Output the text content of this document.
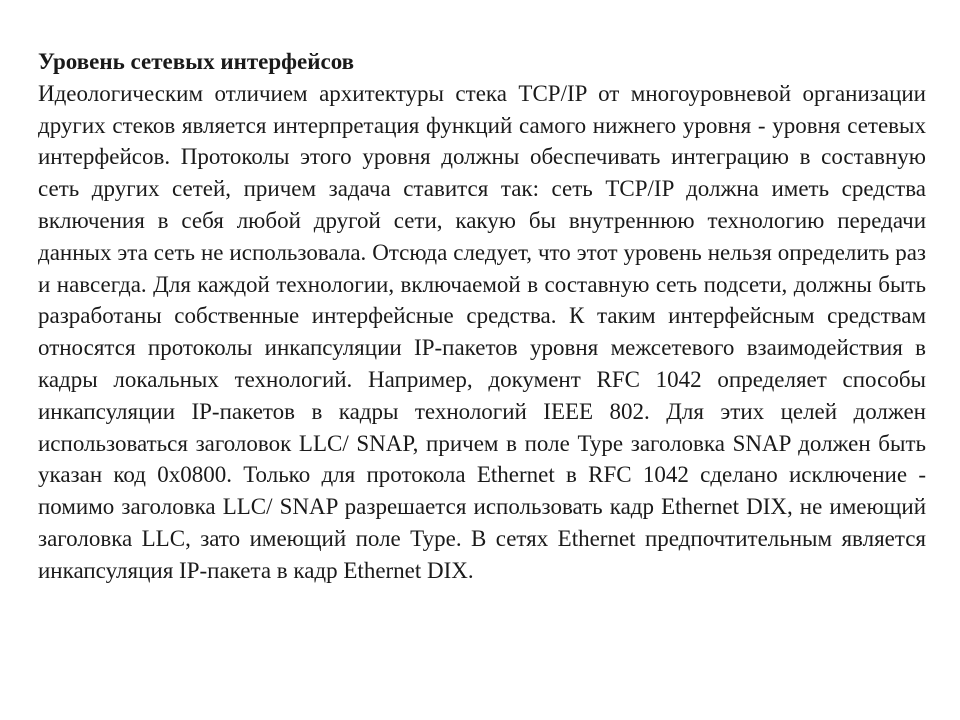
Уровень сетевых интерфейсов

Идеологическим отличием архитектуры стека TCP/IP от многоуровневой организации других стеков является интерпретация функций самого нижнего уровня - уровня сетевых интерфейсов. Протоколы этого уровня должны обеспечивать интеграцию в составную сеть других сетей, причем задача ставится так: сеть TCP/IP должна иметь средства включения в себя любой другой сети, какую бы внутреннюю технологию передачи данных эта сеть не использовала. Отсюда следует, что этот уровень нельзя определить раз и навсегда. Для каждой технологии, включаемой в составную сеть подсети, должны быть разработаны собственные интерфейсные средства. К таким интерфейсным средствам относятся протоколы инкапсуляции IP-пакетов уровня межсетевого взаимодействия в кадры локальных технологий. Например, документ RFC 1042 определяет способы инкапсуляции IP-пакетов в кадры технологий IEEE 802. Для этих целей должен использоваться заголовок LLC/ SNAP, причем в поле Type заголовка SNAP должен быть указан код 0x0800. Только для протокола Ethernet в RFC 1042 сделано исключение - помимо заголовка LLC/ SNAP разрешается использовать кадр Ethernet DIX, не имеющий заголовка LLC, зато имеющий поле Type. В сетях Ethernet предпочтительным является инкапсуляция IP-пакета в кадр Ethernet DIX.
